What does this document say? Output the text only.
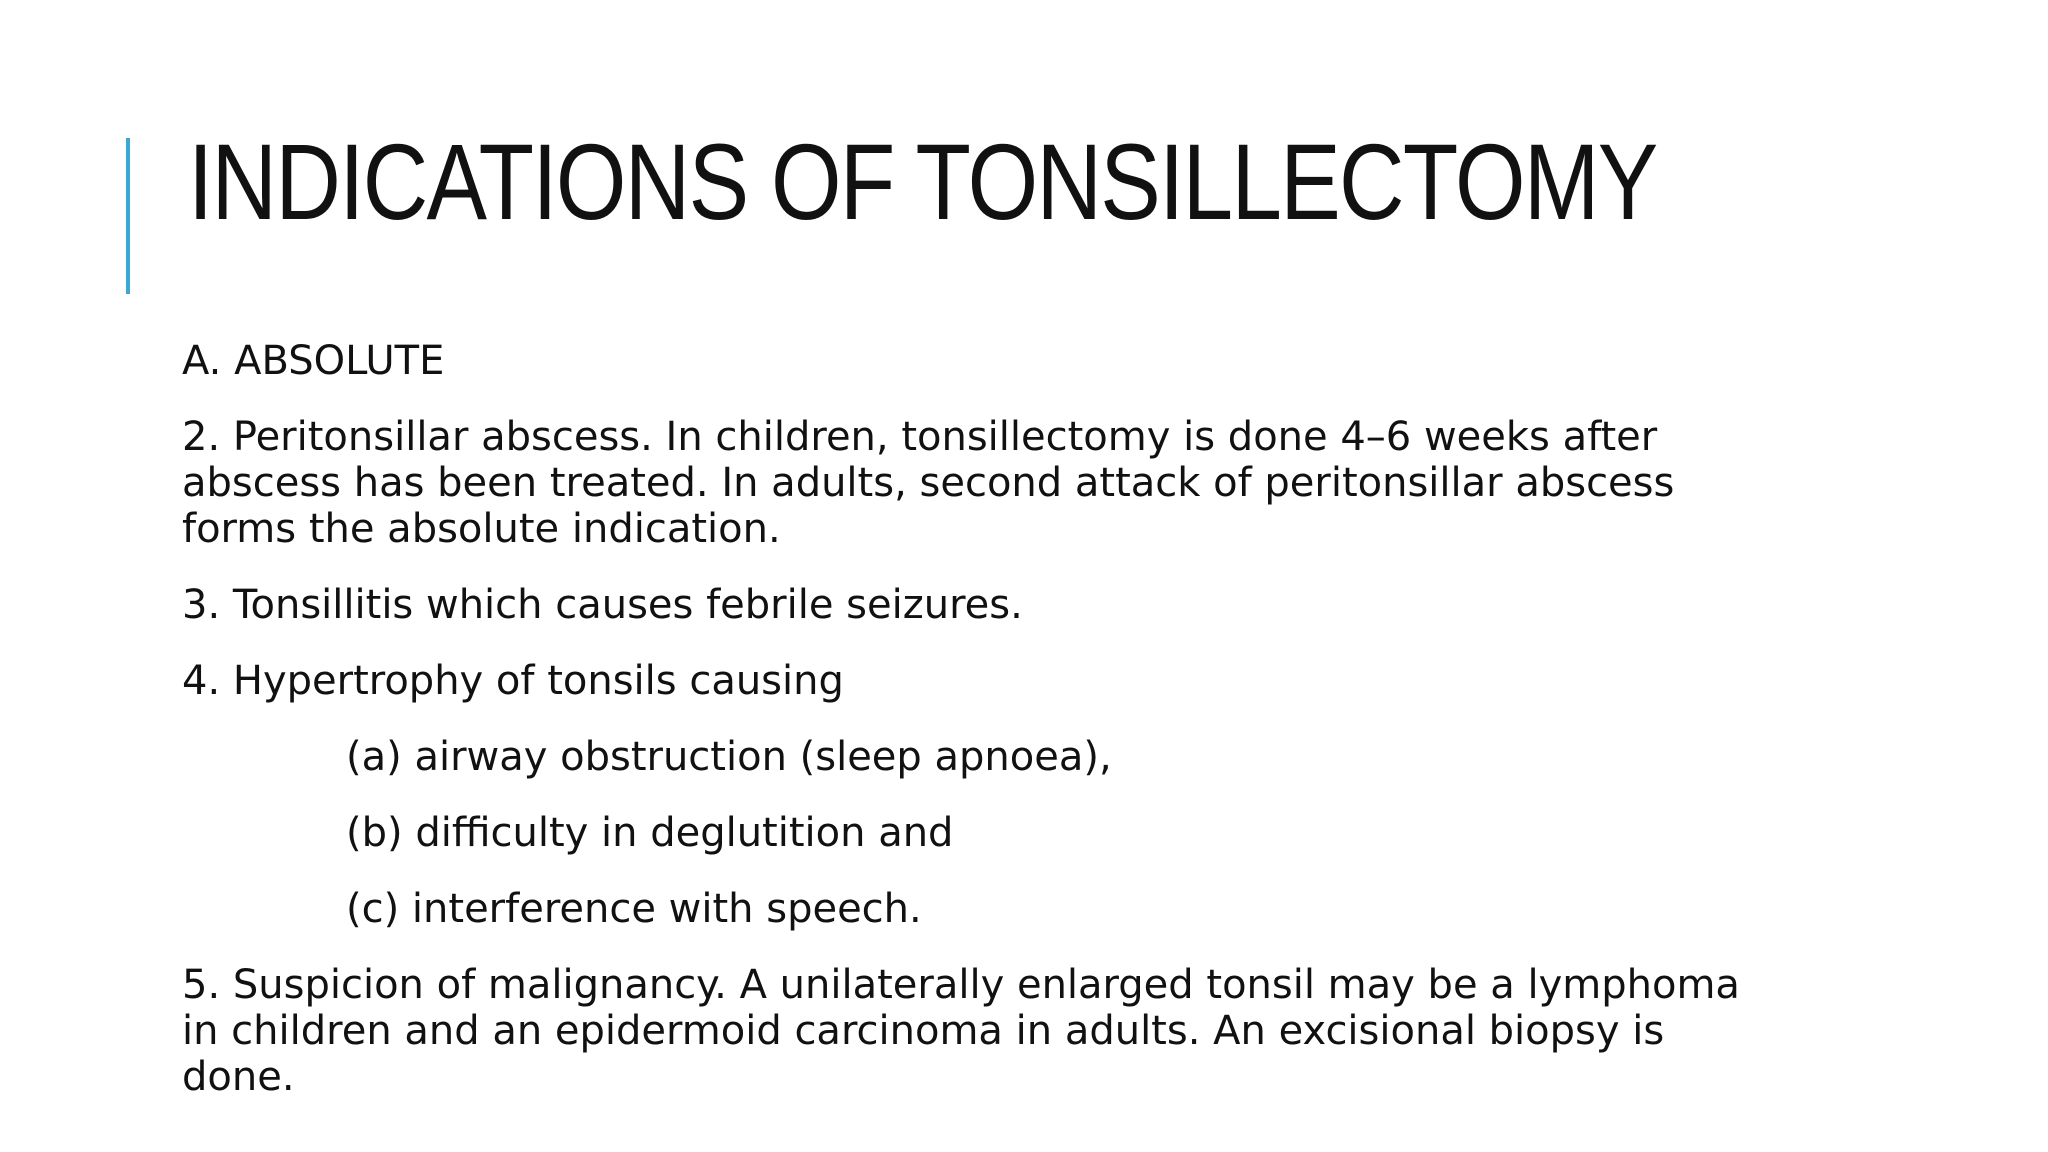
INDICATIONS OF TONSILLECTOMY

A. ABSOLUTE

2. Peritonsillar abscess. In children, tonsillectomy is done 4–6 weeks after
abscess has been treated. In adults, second attack of peritonsillar abscess
forms the absolute indication.

3. Tonsillitis which causes febrile seizures.

4. Hypertrophy of tonsils causing

(a) airway obstruction (sleep apnoea),

(b) difficulty in deglutition and

(c) interference with speech.

5. Suspicion of malignancy. A unilaterally enlarged tonsil may be a lymphoma
in children and an epidermoid carcinoma in adults. An excisional biopsy is
done.
